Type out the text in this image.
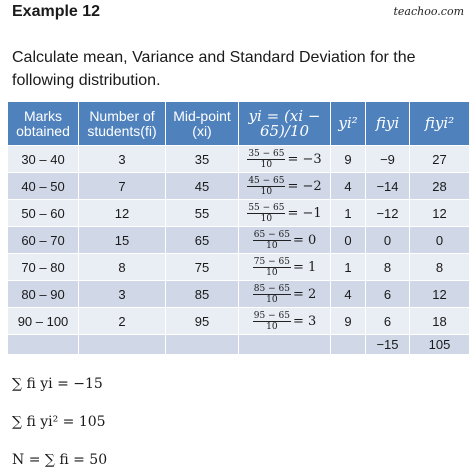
Example 12	teachoo.com
Calculate mean, Variance and Standard Deviation for the following distribution.
Marks obtained	Number of students(fi)	Mid-point (xi)	yi = (xi − 65)/10	yi²	fiyi	fiyi²
30 – 40	3	35	$\frac{35 - 65}{10} = -3$	9	−9	27
40 – 50	7	45	$\frac{45 - 65}{10} = -2$	4	−14	28
50 – 60	12	55	$\frac{55 - 65}{10} = -1$	1	−12	12
60 – 70	15	65	$\frac{65 - 65}{10} = 0$	0	0	0
70 – 80	8	75	$\frac{75 - 65}{10} = 1$	1	8	8
80 – 90	3	85	$\frac{85 - 65}{10} = 2$	4	6	12
90 – 100	2	95	$\frac{95 - 65}{10} = 3$	9	6	18
					−15	105
∑ fi yi = −15
∑ fi yi² = 105
N = ∑ fi = 50
